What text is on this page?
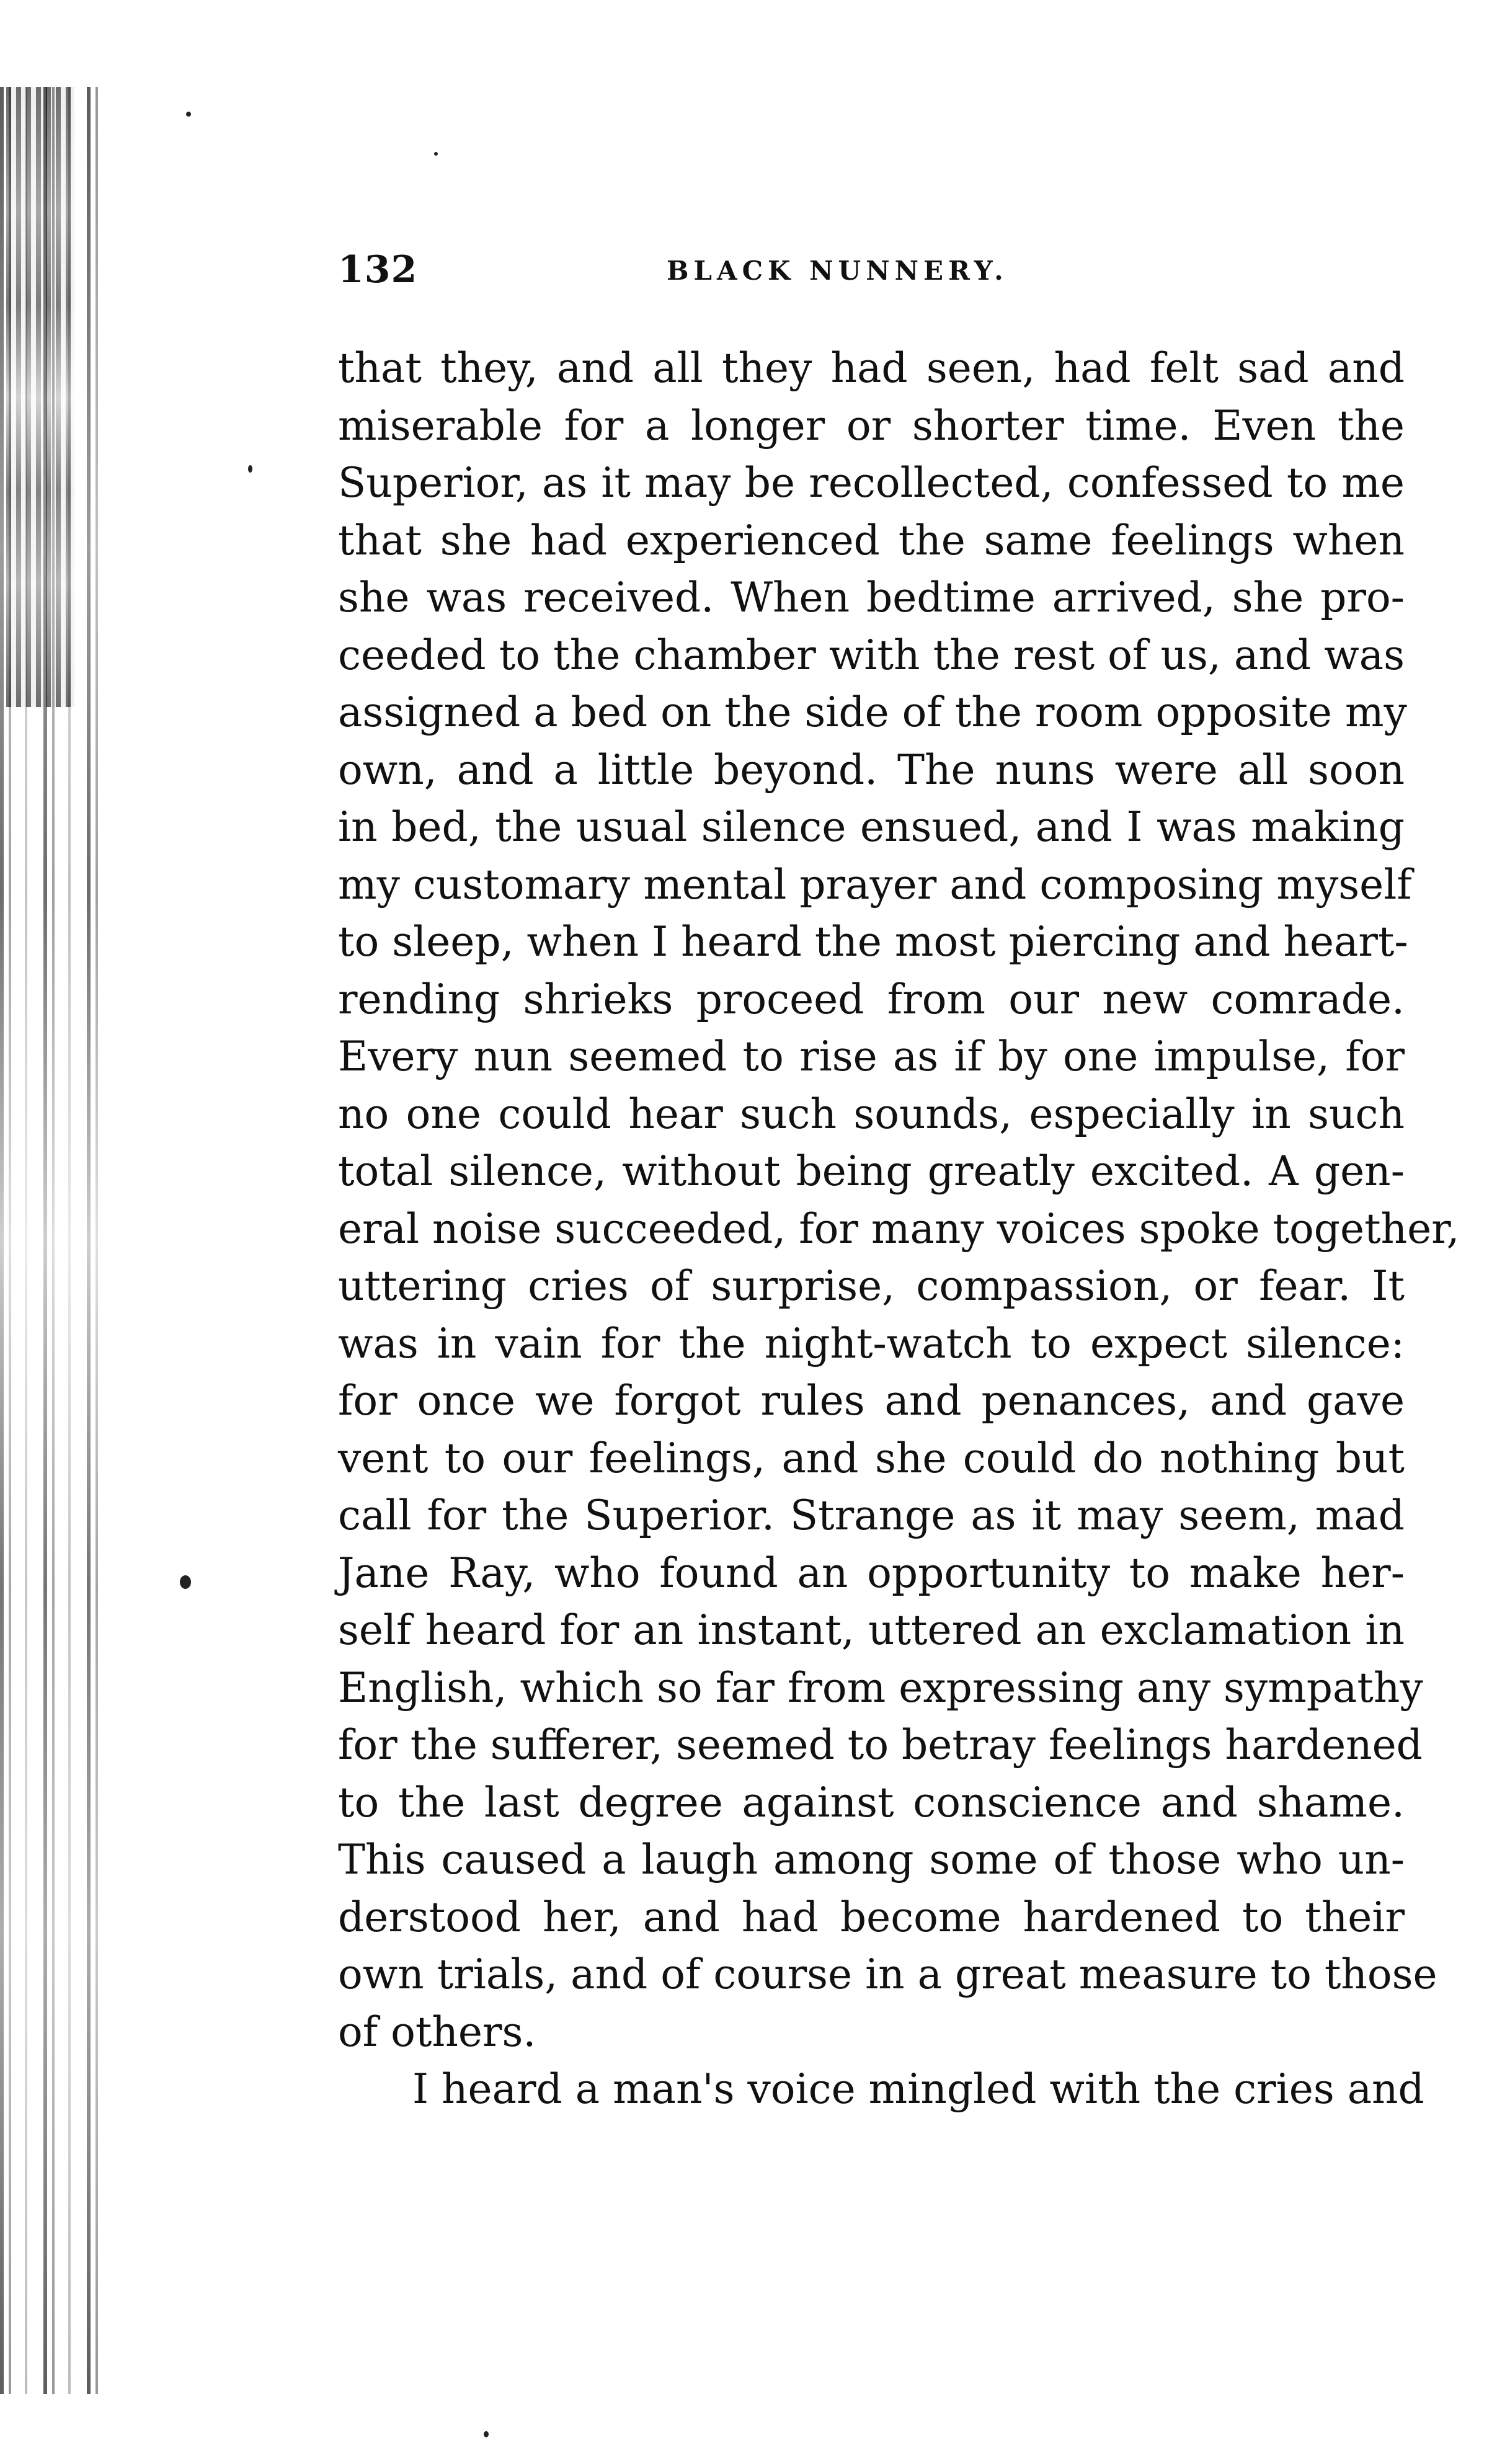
132	BLACK NUNNERY.
that they, and all they had seen, had felt sad and
miserable for a longer or shorter time. Even the
Superior, as it may be recollected, confessed to me
that she had experienced the same feelings when
she was received. When bedtime arrived, she pro-
ceeded to the chamber with the rest of us, and was
assigned a bed on the side of the room opposite my
own, and a little beyond. The nuns were all soon
in bed, the usual silence ensued, and I was making
my customary mental prayer and composing myself
to sleep, when I heard the most piercing and heart-
rending shrieks proceed from our new comrade.
Every nun seemed to rise as if by one impulse, for
no one could hear such sounds, especially in such
total silence, without being greatly excited. A gen-
eral noise succeeded, for many voices spoke together,
uttering cries of surprise, compassion, or fear. It
was in vain for the night-watch to expect silence:
for once we forgot rules and penances, and gave
vent to our feelings, and she could do nothing but
call for the Superior. Strange as it may seem, mad
Jane Ray, who found an opportunity to make her-
self heard for an instant, uttered an exclamation in
English, which so far from expressing any sympathy
for the sufferer, seemed to betray feelings hardened
to the last degree against conscience and shame.
This caused a laugh among some of those who un-
derstood her, and had become hardened to their
own trials, and of course in a great measure to those
of others.
I heard a man's voice mingled with the cries and
